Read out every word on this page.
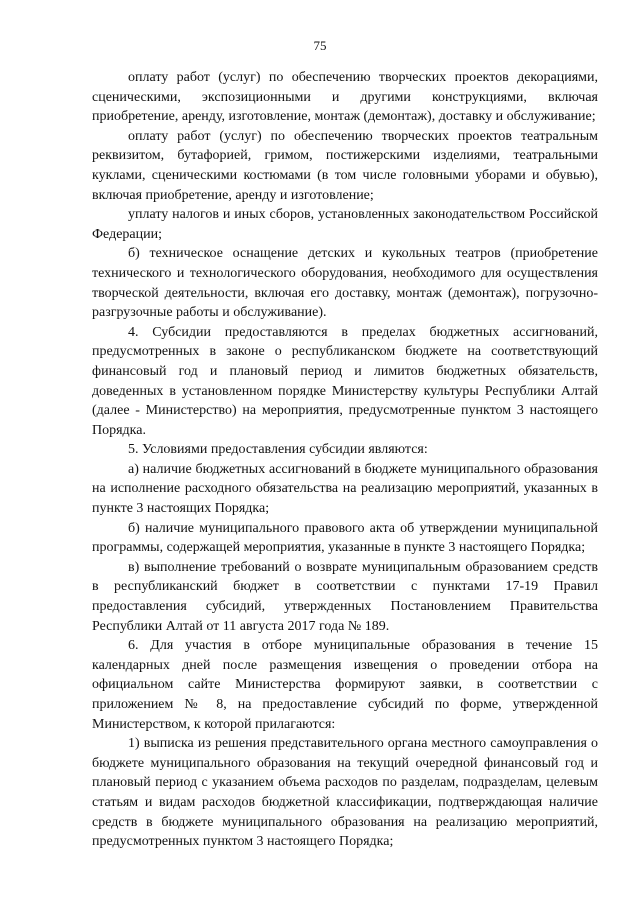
75

оплату работ (услуг) по обеспечению творческих проектов декорациями, сценическими, экспозиционными и другими конструкциями, включая приобретение, аренду, изготовление, монтаж (демонтаж), доставку и обслуживание;

оплату работ (услуг) по обеспечению творческих проектов театральным реквизитом, бутафорией, гримом, постижерскими изделиями, театральными куклами, сценическими костюмами (в том числе головными уборами и обувью), включая приобретение, аренду и изготовление;

уплату налогов и иных сборов, установленных законодательством Российской Федерации;

б) техническое оснащение детских и кукольных театров (приобретение технического и технологического оборудования, необходимого для осуществления творческой деятельности, включая его доставку, монтаж (демонтаж), погрузочно-разгрузочные работы и обслуживание).

4. Субсидии предоставляются в пределах бюджетных ассигнований, предусмотренных в законе о республиканском бюджете на соответствующий финансовый год и плановый период и лимитов бюджетных обязательств, доведенных в установленном порядке Министерству культуры Республики Алтай (далее - Министерство) на мероприятия, предусмотренные пунктом 3 настоящего Порядка.

5. Условиями предоставления субсидии являются:

а) наличие бюджетных ассигнований в бюджете муниципального образования на исполнение расходного обязательства на реализацию мероприятий, указанных в пункте 3 настоящих Порядка;

б) наличие муниципального правового акта об утверждении муниципальной программы, содержащей мероприятия, указанные в пункте 3 настоящего Порядка;

в) выполнение требований о возврате муниципальным образованием средств в республиканский бюджет в соответствии с пунктами 17-19 Правил предоставления субсидий, утвержденных Постановлением Правительства Республики Алтай от 11 августа 2017 года № 189.

6. Для участия в отборе муниципальные образования в течение 15 календарных дней после размещения извещения о проведении отбора на официальном сайте Министерства формируют заявки, в соответствии с приложением № 8, на предоставление субсидий по форме, утвержденной Министерством, к которой прилагаются:

1) выписка из решения представительного органа местного самоуправления о бюджете муниципального образования на текущий очередной финансовый год и плановый период с указанием объема расходов по разделам, подразделам, целевым статьям и видам расходов бюджетной классификации, подтверждающая наличие средств в бюджете муниципального образования на реализацию мероприятий, предусмотренных пунктом 3 настоящего Порядка;
